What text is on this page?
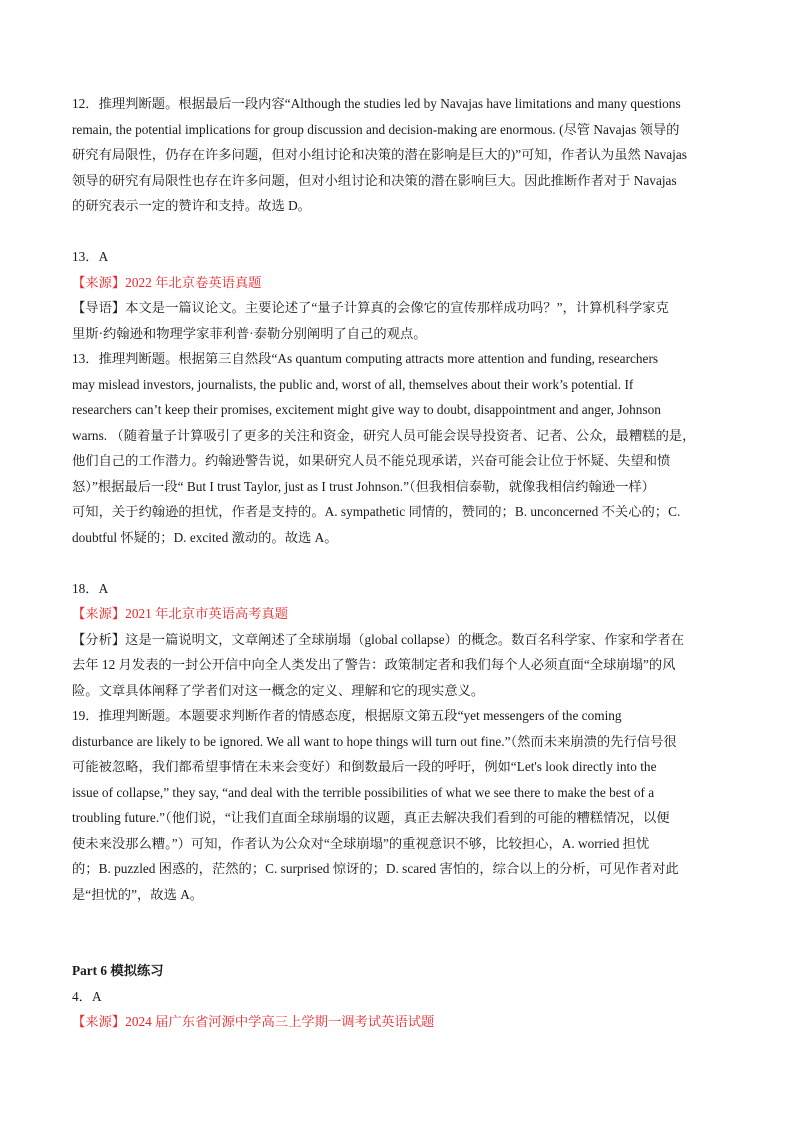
12．推理判断题。根据最后一段内容“Although the studies led by Navajas have limitations and many questions
remain, the potential implications for group discussion and decision-making are enormous. (尽管 Navajas 领导的
研究有局限性，仍存在许多问题，但对小组讨论和决策的潜在影响是巨大的)”可知，作者认为虽然 Navajas
领导的研究有局限性也存在许多问题，但对小组讨论和决策的潜在影响巨大。因此推断作者对于 Navajas
的研究表示一定的赞许和支持。故选 D。
13．A
【来源】2022 年北京卷英语真题
【导语】本文是一篇议论文。主要论述了“量子计算真的会像它的宣传那样成功吗？”，计算机科学家克
里斯·约翰逊和物理学家菲利普·泰勒分别阐明了自己的观点。
13．推理判断题。根据第三自然段“As quantum computing attracts more attention and funding, researchers
may mislead investors, journalists, the public and, worst of all, themselves about their work’s potential. If
researchers can’t keep their promises, excitement might give way to doubt, disappointment and anger, Johnson
warns. （随着量子计算吸引了更多的关注和资金，研究人员可能会误导投资者、记者、公众，最糟糕的是，
他们自己的工作潜力。约翰逊警告说，如果研究人员不能兑现承诺，兴奋可能会让位于怀疑、失望和愤
怒）”根据最后一段“ But I trust Taylor, just as I trust Johnson.”（但我相信泰勒，就像我相信约翰逊一样）
可知，关于约翰逊的担忧，作者是支持的。A. sympathetic 同情的，赞同的；B. unconcerned 不关心的；C.
doubtful 怀疑的；D. excited 激动的。故选 A。
18．A
【来源】2021 年北京市英语高考真题
【分析】这是一篇说明文，文章阐述了全球崩塌（global collapse）的概念。数百名科学家、作家和学者在
去年 12 月发表的一封公开信中向全人类发出了警告：政策制定者和我们每个人必须直面“全球崩塌”的风
险。文章具体阐释了学者们对这一概念的定义、理解和它的现实意义。
19．推理判断题。本题要求判断作者的情感态度，根据原文第五段“yet messengers of the coming
disturbance are likely to be ignored. We all want to hope things will turn out fine.”（然而未来崩溃的先行信号很
可能被忽略，我们都希望事情在未来会变好）和倒数最后一段的呼吁，例如“Let's look directly into the
issue of collapse,” they say, “and deal with the terrible possibilities of what we see there to make the best of a
troubling future.”（他们说，“让我们直面全球崩塌的议题，真正去解决我们看到的可能的糟糕情况，以便
使未来没那么糟。”）可知，作者认为公众对“全球崩塌”的重视意识不够，比较担心，A. worried 担忧
的；B. puzzled 困惑的，茫然的；C. surprised 惊讶的；D. scared 害怕的，综合以上的分析，可见作者对此
是“担忧的”，故选 A。
Part 6 模拟练习
4．A
【来源】2024 届广东省河源中学高三上学期一调考试英语试题
